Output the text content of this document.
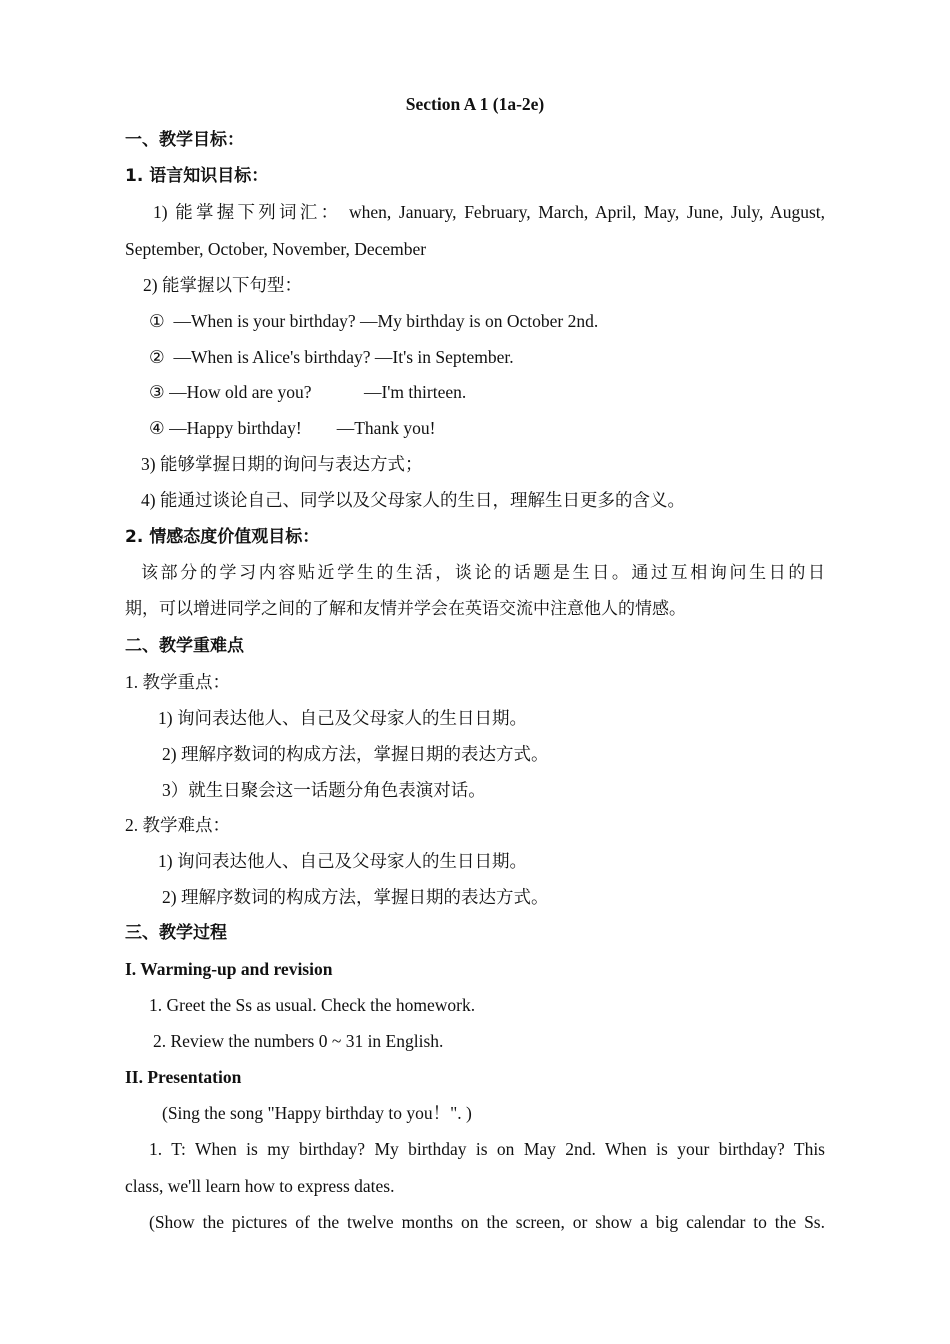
Section A 1 (1a-2e)
一、教学目标：
1. 语言知识目标：
1) 能掌握下列词汇： when, January, February, March, April, May, June, July, August,
September, October, November, December
2) 能掌握以下句型：
①  —When is your birthday? —My birthday is on October 2nd.
②  —When is Alice's birthday? —It's in September.
③ —How old are you?            —I'm thirteen.
④ —Happy birthday!        —Thank you!
3) 能够掌握日期的询问与表达方式；
4) 能通过谈论自己、同学以及父母家人的生日，理解生日更多的含义。
2. 情感态度价值观目标：
该部分的学习内容贴近学生的生活，谈论的话题是生日。通过互相询问生日的日
期，可以增进同学之间的了解和友情并学会在英语交流中注意他人的情感。
二、教学重难点
1. 教学重点：
1) 询问表达他人、自己及父母家人的生日日期。
2) 理解序数词的构成方法，掌握日期的表达方式。
3）就生日聚会这一话题分角色表演对话。
2. 教学难点：
1) 询问表达他人、自己及父母家人的生日日期。
2) 理解序数词的构成方法，掌握日期的表达方式。
三、教学过程
I. Warming-up and revision
1. Greet the Ss as usual. Check the homework.
2. Review the numbers 0 ~ 31 in English.
II. Presentation
(Sing the song "Happy birthday to you！". )
1. T: When is my birthday? My birthday is on May 2nd. When is your birthday? This
class, we'll learn how to express dates.
(Show the pictures of the twelve months on the screen, or show a big calendar to the Ss.
